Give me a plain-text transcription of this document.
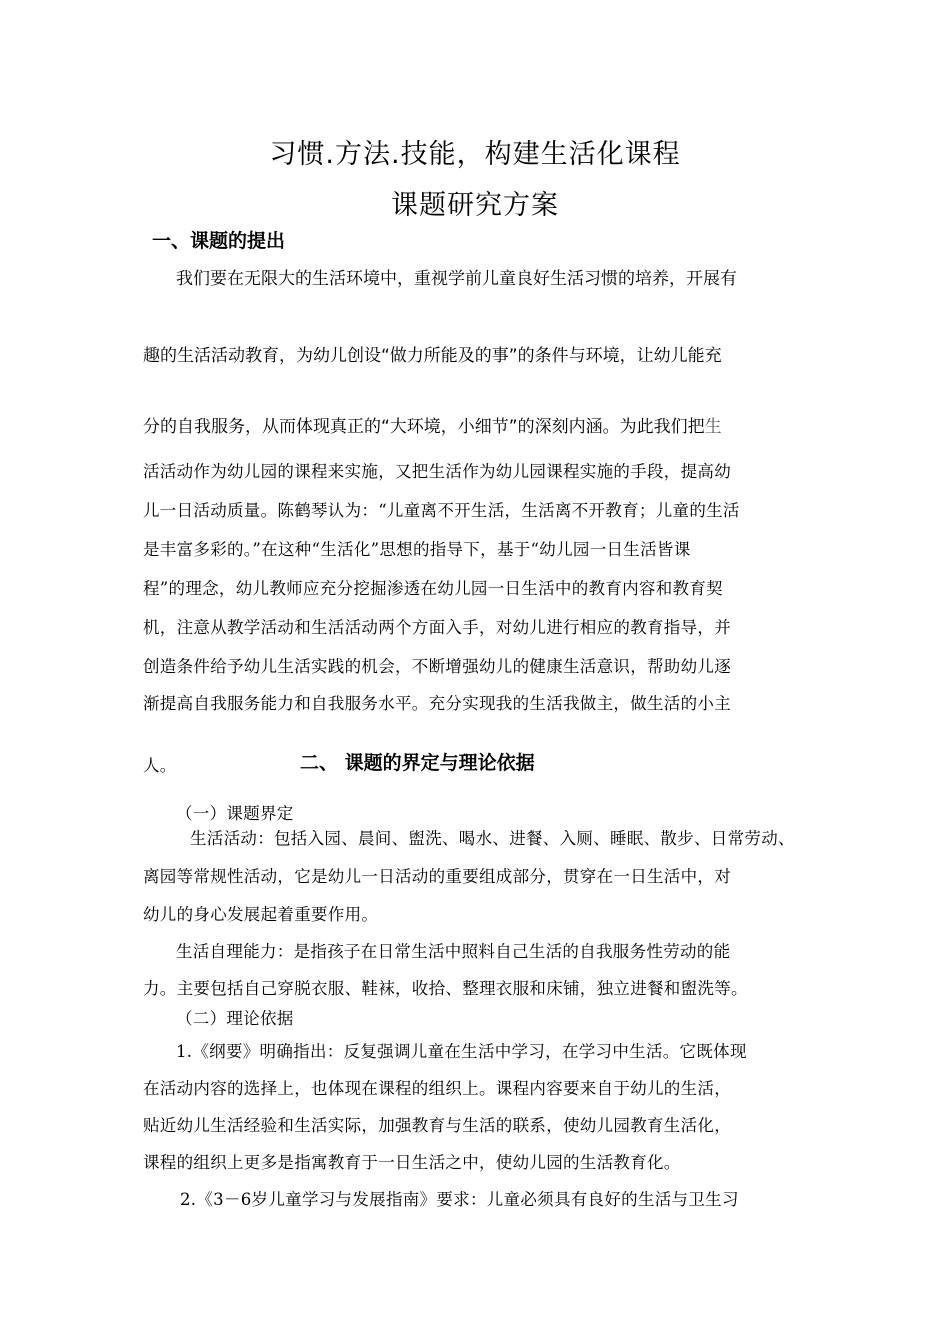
习惯.方法.技能，构建生活化课程
课题研究方案
一、课题的提出
我们要在无限大的生活环境中，重视学前儿童良好生活习惯的培养，开展有
趣的生活活动教育，为幼儿创设“做力所能及的事”的条件与环境，让幼儿能充
分的自我服务，从而体现真正的“大环境，小细节”的深刻内涵。为此我们把生
活活动作为幼儿园的课程来实施，又把生活作为幼儿园课程实施的手段，提高幼
儿一日活动质量。陈鹤琴认为：“儿童离不开生活，生活离不开教育；儿童的生活
是丰富多彩的。”在这种“生活化”思想的指导下，基于“幼儿园一日生活皆课
程”的理念，幼儿教师应充分挖掘渗透在幼儿园一日生活中的教育内容和教育契
机，注意从教学活动和生活活动两个方面入手，对幼儿进行相应的教育指导，并
创造条件给予幼儿生活实践的机会，不断增强幼儿的健康生活意识，帮助幼儿逐
渐提高自我服务能力和自我服务水平。充分实现我的生活我做主，做生活的小主
人。	二、 课题的界定与理论依据
（一）课题界定
生活活动：包括入园、晨间、盥洗、喝水、进餐、入厕、睡眠、散步、日常劳动、
离园等常规性活动，它是幼儿一日活动的重要组成部分，贯穿在一日生活中，对
幼儿的身心发展起着重要作用。
生活自理能力：是指孩子在日常生活中照料自己生活的自我服务性劳动的能
力。主要包括自己穿脱衣服、鞋袜，收拾、整理衣服和床铺，独立进餐和盥洗等。
（二）理论依据
1.《纲要》明确指出：反复强调儿童在生活中学习，在学习中生活。它既体现
在活动内容的选择上，也体现在课程的组织上。课程内容要来自于幼儿的生活，
贴近幼儿生活经验和生活实际，加强教育与生活的联系，使幼儿园教育生活化，
课程的组织上更多是指寓教育于一日生活之中，使幼儿园的生活教育化。
2.《3－6岁儿童学习与发展指南》要求：儿童必须具有良好的生活与卫生习
